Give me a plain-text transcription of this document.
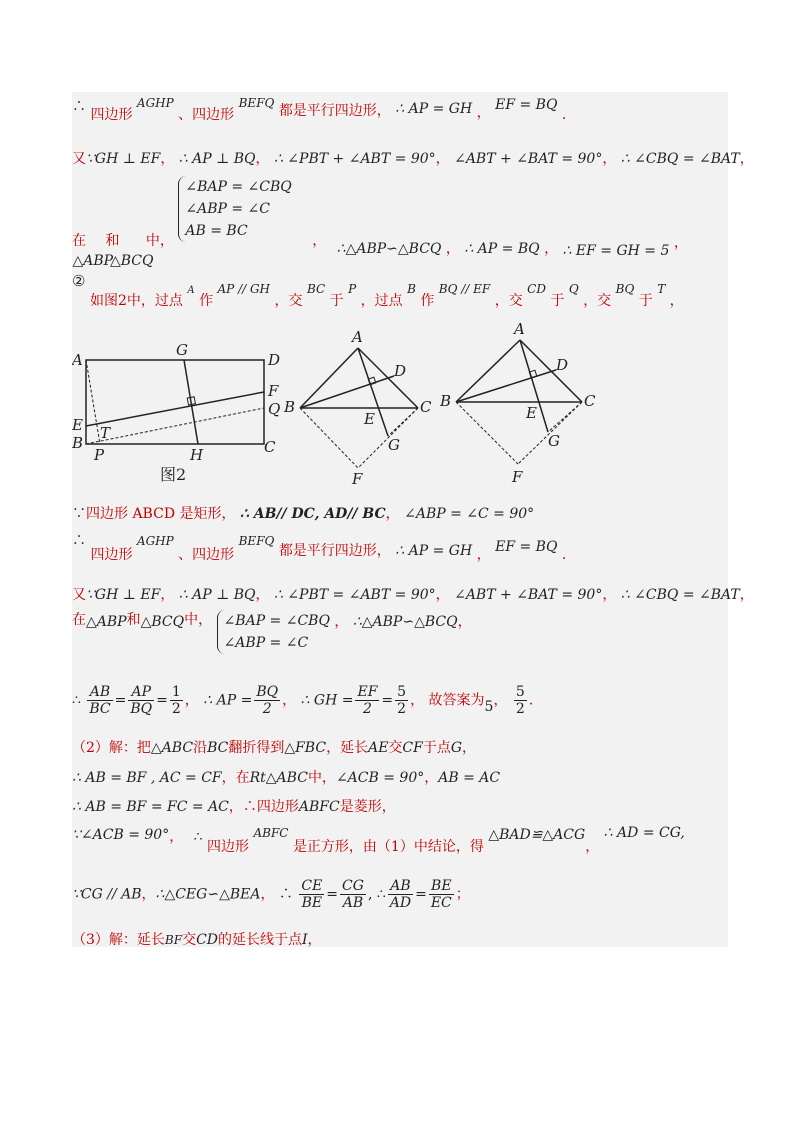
∴ 四边形 AGHP 、四边形 BEFQ 都是平行四边形， ∴ AP = GH ， EF = BQ .
又∵GH ⊥ EF， ∴ AP ⊥ BQ， ∴ ∠PBT + ∠ABT = 90°， ∠ABT + ∠BAT = 90°， ∴ ∠CBQ = ∠BAT，
在 △ABP 和 △BCQ 中， ∠BAP = ∠CBQ
∠ABP = ∠C
AB = BC ， ∴△ABP∽△BCQ ， ∴ AP = BQ ， ∴ EF = GH = 5 ，
②
如图2中，过点 $^A$ 作 AP // GH ，交 BC 于 P ，过点 B 作 BQ // EF ，交 CD 于 Q ，交 BQ 于 T ，
A
G
D
F
Q
E T
B
P	H	C
图2
A
D
B
E
C
G
F
A
D
B
E
C
G
F
∵四边形 ABCD 是矩形， ∴ AB// DC, AD// BC， ∠ABP = ∠C = 90°
∴ 四边形 AGHP 、四边形 BEFQ 都是平行四边形， ∴ AP = GH ， EF = BQ .
又∵GH ⊥ EF， ∴ AP ⊥ BQ， ∴ ∠PBT = ∠ABT = 90°， ∠ABT + ∠BAT = 90°， ∴ ∠CBQ = ∠BAT，
在△ABP和△BCQ中， ∠BAP = ∠CBQ
∠ABP = ∠C ， ∴△ABP∽△BCQ，
∴ $\frac{AB}{BC} = \frac{AP}{BQ} = \frac{1}{2}$ ， ∴ AP = $\frac{BQ}{2}$ ， ∴ GH = $\frac{EF}{2} = \frac{5}{2}$ ， 故答案为5， $\frac{5}{2}$ .
（2）解：把△ABC沿BC翻折得到△FBC，延长AE交CF于点G，
∴ AB = BF , AC = CF，在Rt△ABC中，∠ACB = 90°，AB = AC
∴ AB = BF = FC = AC，∴四边形ABFC是菱形，
∵∠ACB = 90°， ∴ 四边形 ABFC 是正方形，由（1）中结论，得 △BAD≌△ACG， ∴ AD = CG,
∵CG // AB，∴△CEG∽△BEA， ∴ $\frac{CE}{BE} = \frac{CG}{AB}$ , ∴ $\frac{AB}{AD} = \frac{BE}{EC}$ ；
（3）解：延长BF交CD的延长线于点I，
